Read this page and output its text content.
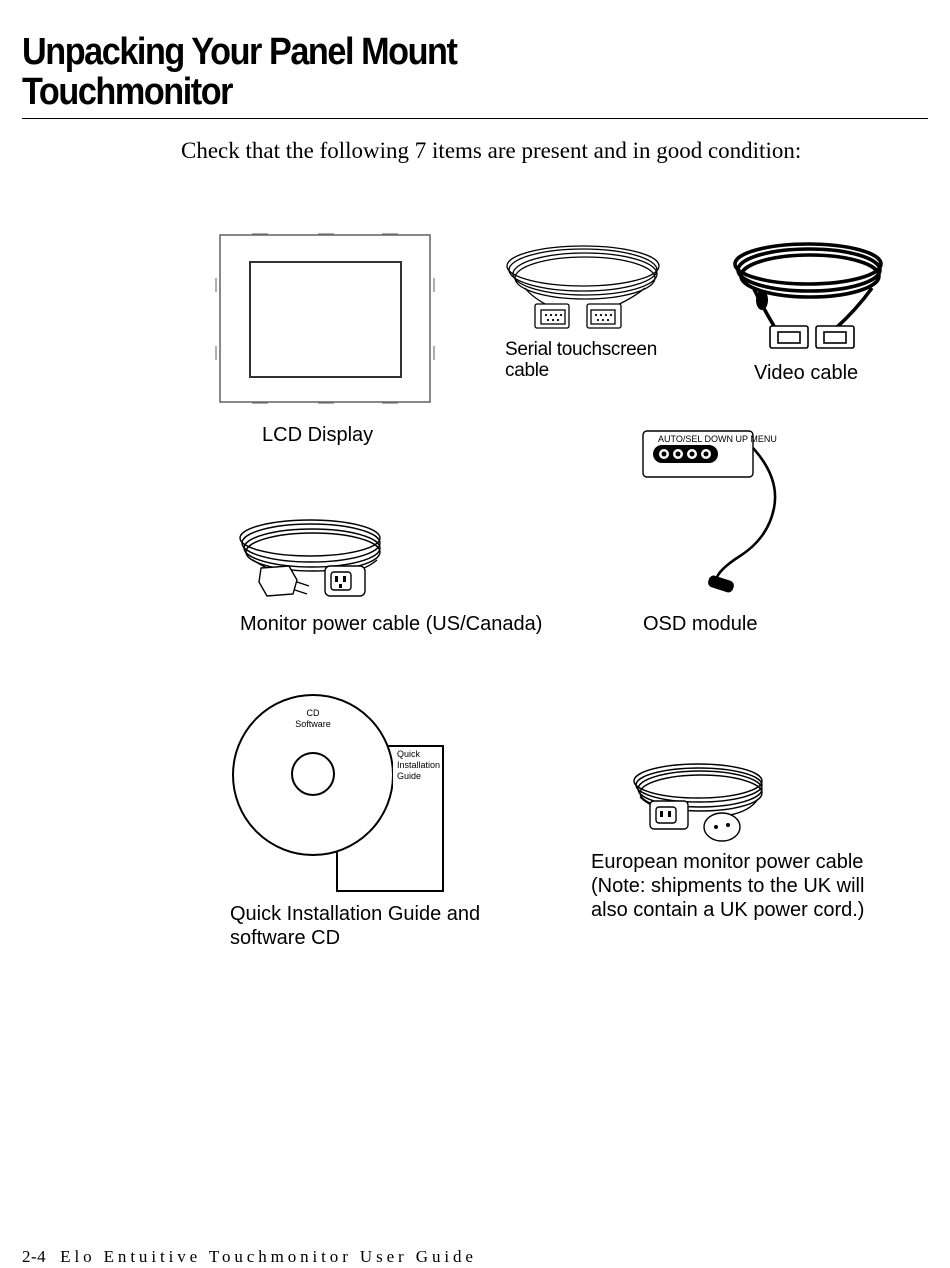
Unpacking Your Panel Mount
Touchmonitor
Check that the following 7 items are present and in good condition:
LCD Display
Serial touchscreen
cable	Video cable
AUTO/SEL DOWN UP MENU
OSD module
Monitor power cable (US/Canada)
CD
Software
Quick
Installation
Guide
Quick Installation Guide and
software CD
European monitor power cable
(Note: shipments to the UK will
also contain a UK power cord.)
2-4 Elo Entuitive Touchmonitor User Guide
